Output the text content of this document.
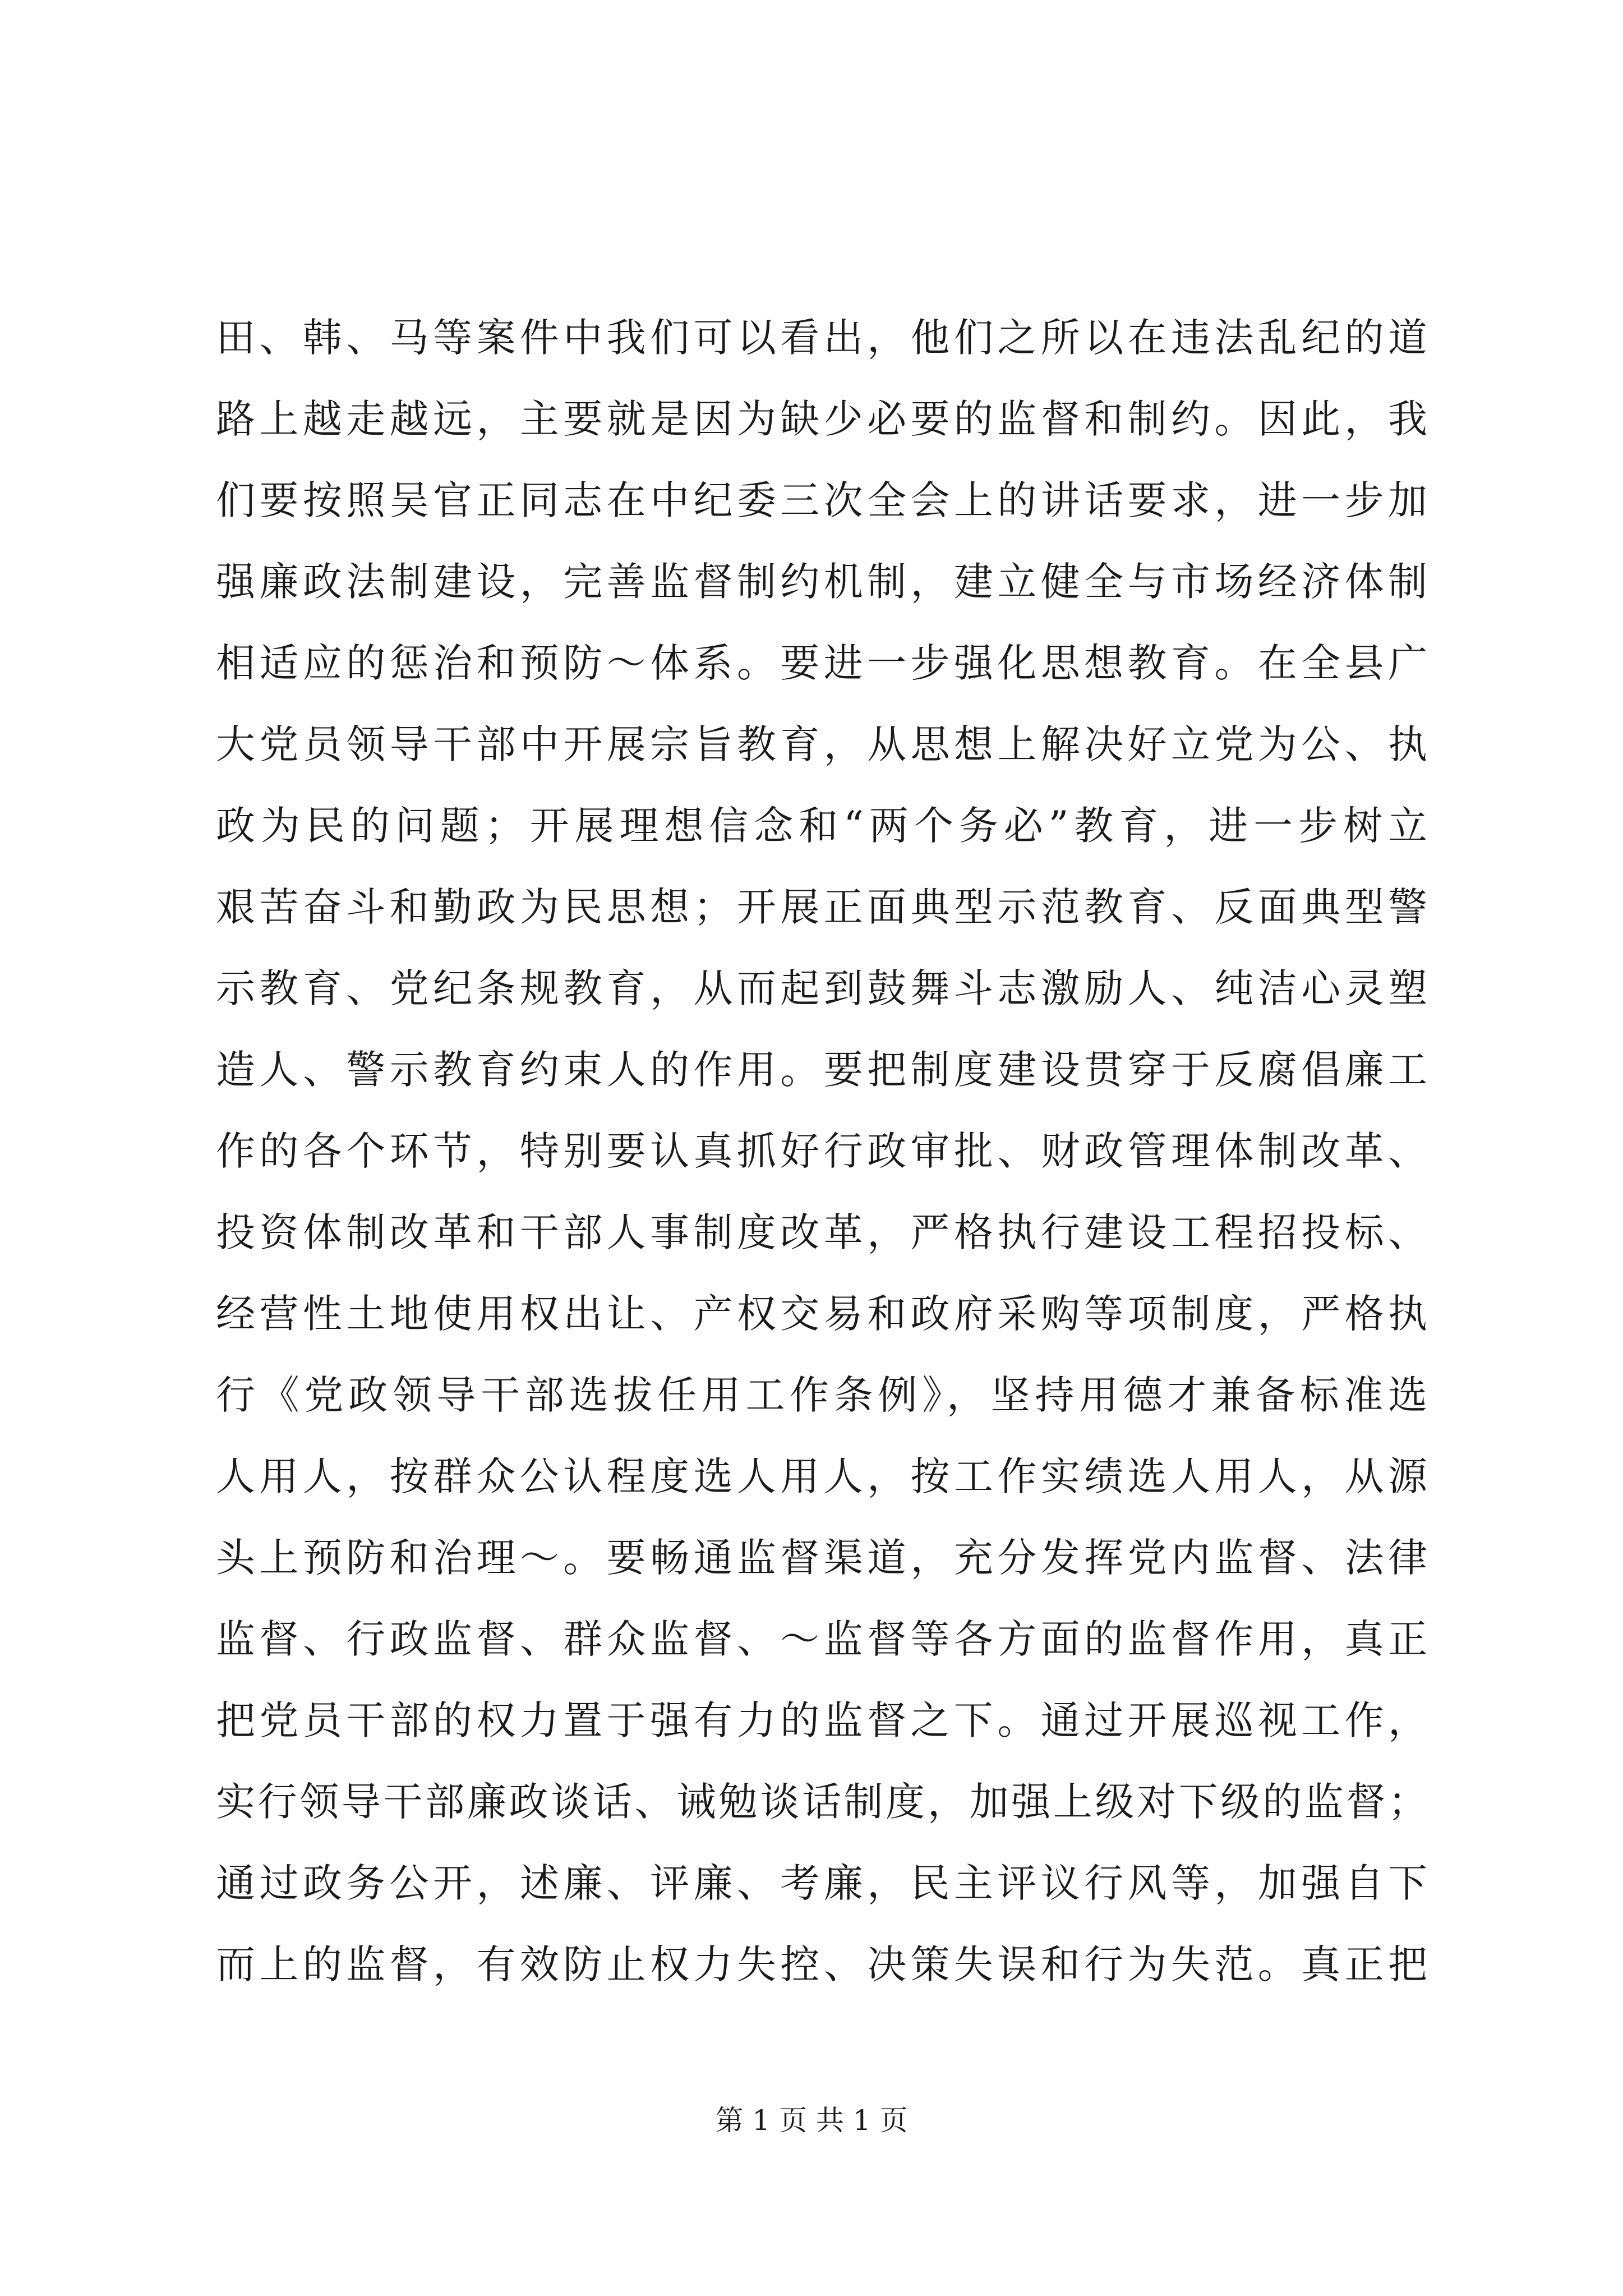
田、韩、马等案件中我们可以看出，他们之所以在违法乱纪的道
路上越走越远，主要就是因为缺少必要的监督和制约。因此，我
们要按照吴官正同志在中纪委三次全会上的讲话要求，进一步加
强廉政法制建设，完善监督制约机制，建立健全与市场经济体制
相适应的惩治和预防～体系。要进一步强化思想教育。在全县广
大党员领导干部中开展宗旨教育，从思想上解决好立党为公、执
政为民的问题；开展理想信念和“两个务必”教育，进一步树立
艰苦奋斗和勤政为民思想；开展正面典型示范教育、反面典型警
示教育、党纪条规教育，从而起到鼓舞斗志激励人、纯洁心灵塑
造人、警示教育约束人的作用。要把制度建设贯穿于反腐倡廉工
作的各个环节，特别要认真抓好行政审批、财政管理体制改革、
投资体制改革和干部人事制度改革，严格执行建设工程招投标、
经营性土地使用权出让、产权交易和政府采购等项制度，严格执
行《党政领导干部选拔任用工作条例》，坚持用德才兼备标准选
人用人，按群众公认程度选人用人，按工作实绩选人用人，从源
头上预防和治理～。要畅通监督渠道，充分发挥党内监督、法律
监督、行政监督、群众监督、～监督等各方面的监督作用，真正
把党员干部的权力置于强有力的监督之下。通过开展巡视工作，
实行领导干部廉政谈话、诫勉谈话制度，加强上级对下级的监督；
通过政务公开，述廉、评廉、考廉，民主评议行风等，加强自下
而上的监督，有效防止权力失控、决策失误和行为失范。真正把
第 1 页 共 1 页
